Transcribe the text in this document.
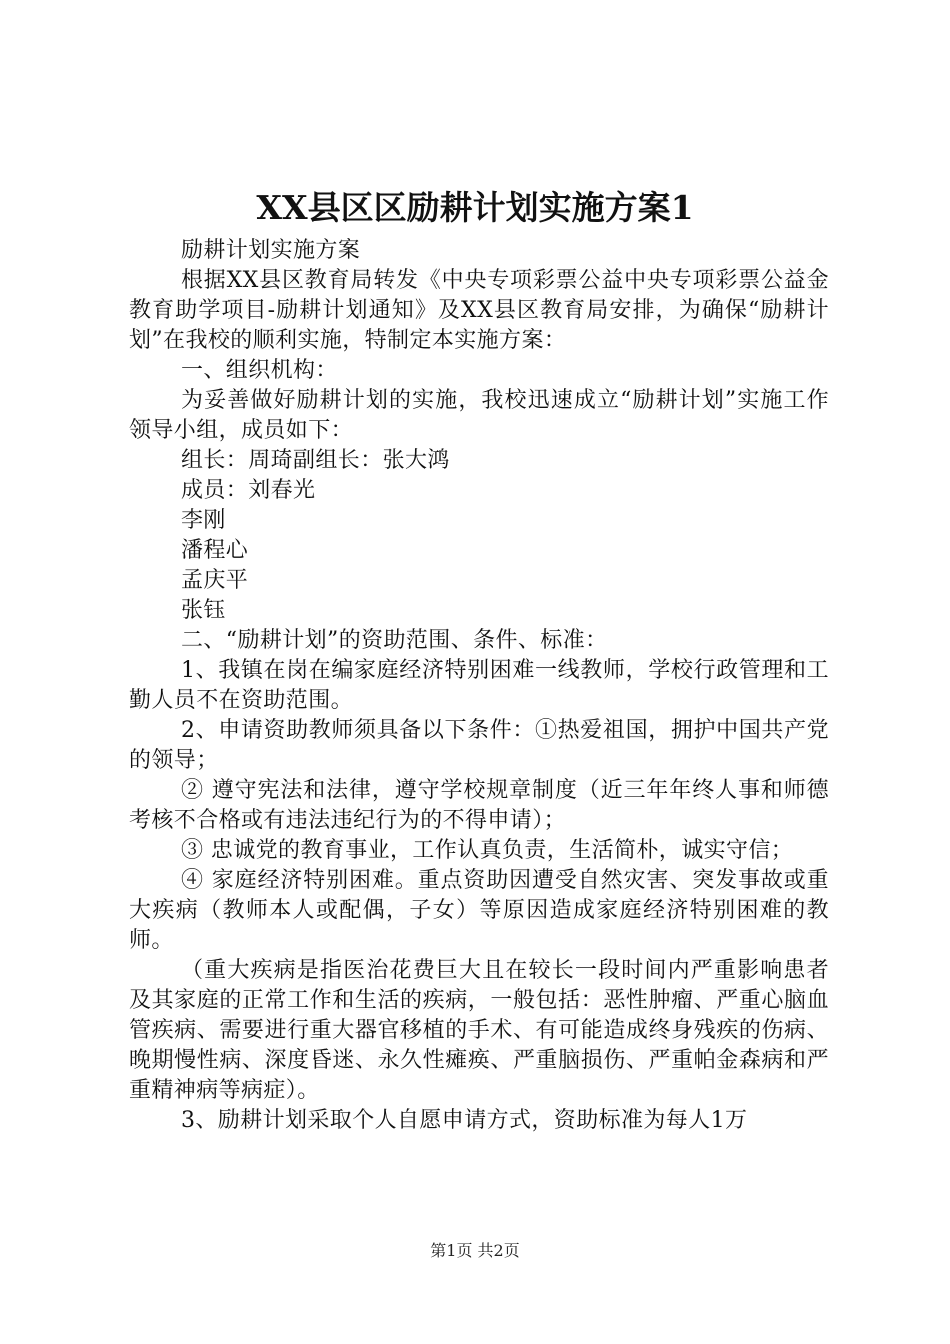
XX县区区励耕计划实施方案1

励耕计划实施方案

根据XX县区教育局转发《中央专项彩票公益中央专项彩票公益金教育助学项目-励耕计划通知》及XX县区教育局安排，为确保“励耕计划”在我校的顺利实施，特制定本实施方案：

一、组织机构：

为妥善做好励耕计划的实施，我校迅速成立“励耕计划”实施工作领导小组，成员如下：

组长：周琦副组长：张大鸿

成员：刘春光

李刚

潘程心

孟庆平

张钰

二、“励耕计划”的资助范围、条件、标准：

1、我镇在岗在编家庭经济特别困难一线教师，学校行政管理和工勤人员不在资助范围。

2、申请资助教师须具备以下条件：①热爱祖国，拥护中国共产党的领导；

② 遵守宪法和法律，遵守学校规章制度（近三年年终人事和师德考核不合格或有违法违纪行为的不得申请）；

③ 忠诚党的教育事业，工作认真负责，生活简朴，诚实守信；

④ 家庭经济特别困难。重点资助因遭受自然灾害、突发事故或重大疾病（教师本人或配偶，子女）等原因造成家庭经济特别困难的教师。

（重大疾病是指医治花费巨大且在较长一段时间内严重影响患者及其家庭的正常工作和生活的疾病，一般包括：恶性肿瘤、严重心脑血管疾病、需要进行重大器官移植的手术、有可能造成终身残疾的伤病、晚期慢性病、深度昏迷、永久性瘫痪、严重脑损伤、严重帕金森病和严重精神病等病症）。

3、励耕计划采取个人自愿申请方式，资助标准为每人1万

第1页 共2页
